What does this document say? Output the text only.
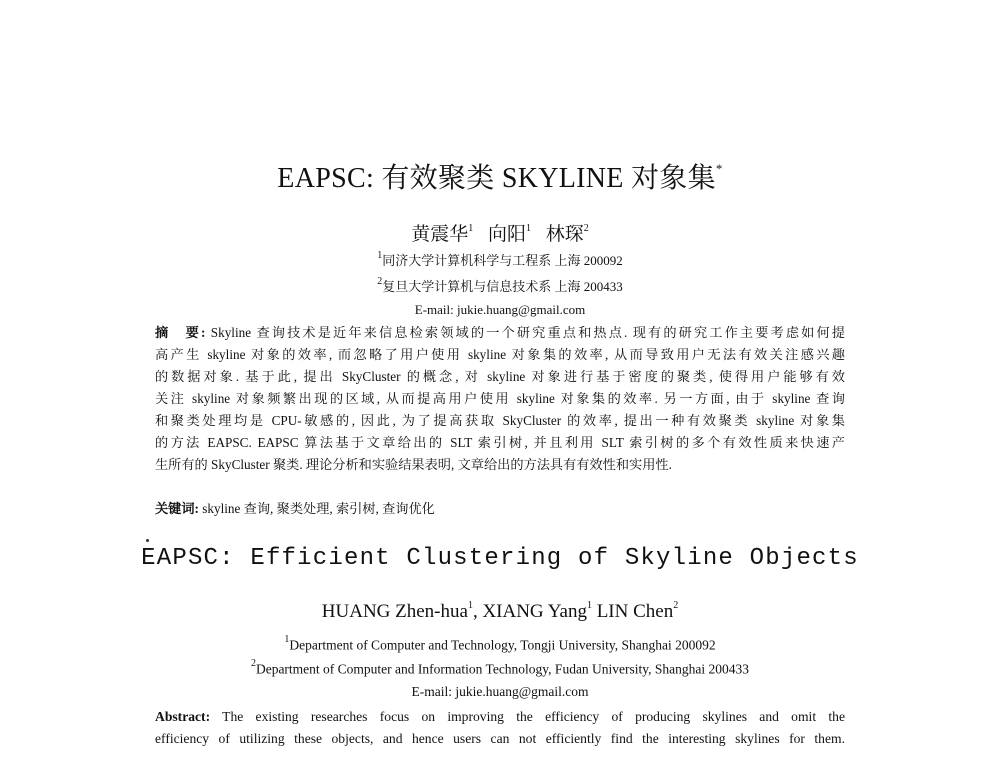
EAPSC: 有效聚类 SKYLINE 对象集*
黄震华$^1$ 向阳$^1$ 林琛$^2$
$^1$同济大学计算机科学与工程系 上海 200092
$^2$复旦大学计算机与信息技术系 上海 200433
E-mail: jukie.huang@gmail.com
摘　要: Skyline 查询技术是近年来信息检索领域的一个研究重点和热点. 现有的研究工作主要考虑如何提
高产生 skyline 对象的效率, 而忽略了用户使用 skyline 对象集的效率, 从而导致用户无法有效关注感兴趣
的数据对象. 基于此, 提出 SkyCluster 的概念, 对 skyline 对象进行基于密度的聚类, 使得用户能够有效
关注 skyline 对象频繁出现的区域, 从而提高用户使用 skyline 对象集的效率. 另一方面, 由于 skyline 查询
和聚类处理均是 CPU-敏感的, 因此, 为了提高获取 SkyCluster 的效率, 提出一种有效聚类 skyline 对象集
的方法 EAPSC. EAPSC 算法基于文章给出的 SLT 索引树, 并且利用 SLT 索引树的多个有效性质来快速产
生所有的 SkyCluster 聚类. 理论分析和实验结果表明, 文章给出的方法具有有效性和实用性.
关键词: skyline 查询, 聚类处理, 索引树, 查询优化
EAPSC: Efficient Clustering of Skyline Objects
HUANG Zhen-hua$^1$, XIANG Yang$^1$ LIN Chen$^2$
$^1$Department of Computer and Technology, Tongji University, Shanghai 200092
$^2$Department of Computer and Information Technology, Fudan University, Shanghai 200433
E-mail: jukie.huang@gmail.com
Abstract: The existing researches focus on improving the efficiency of producing skylines and omit the
efficiency of utilizing these objects, and hence users can not efficiently find the interesting skylines for them.
